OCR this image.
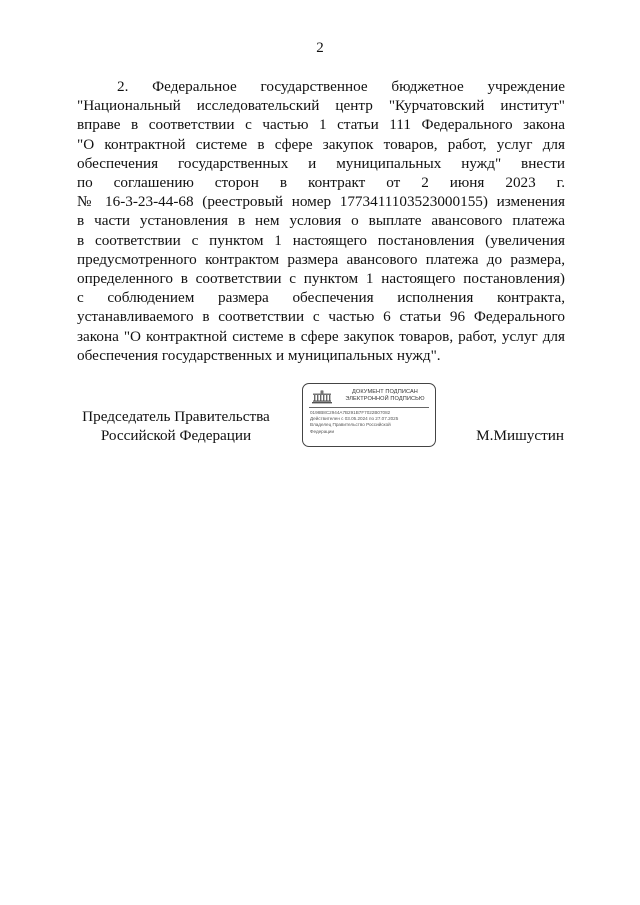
2
2. Федеральное государственное бюджетное учреждение
"Национальный исследовательский центр "Курчатовский институт"
вправе в соответствии с частью 1 статьи 111 Федерального закона
"О контрактной системе в сфере закупок товаров, работ, услуг для
обеспечения государственных и муниципальных нужд" внести
по соглашению сторон в контракт от 2 июня 2023 г.
№ 16-3-23-44-68 (реестровый номер 1773411103523000155) изменения
в части установления в нем условия о выплате авансового платежа
в соответствии с пунктом 1 настоящего постановления (увеличения
предусмотренного контрактом размера авансового платежа до размера,
определенного в соответствии с пунктом 1 настоящего постановления)
с соблюдением размера обеспечения исполнения контракта,
устанавливаемого в соответствии с частью 6 статьи 96 Федерального
закона "О контрактной системе в сфере закупок товаров, работ, услуг для
обеспечения государственных и муниципальных нужд".
Председатель Правительства
Российской Федерации
ДОКУМЕНТ ПОДПИСАН
ЭЛЕКТРОННОЙ ПОДПИСЬЮ
0198B8C2944A7B291B7F7022B07082
Действителен с 03.05.2024 по 27.07.2025
Владелец Правительство Российской
Федерации	М.Мишустин
